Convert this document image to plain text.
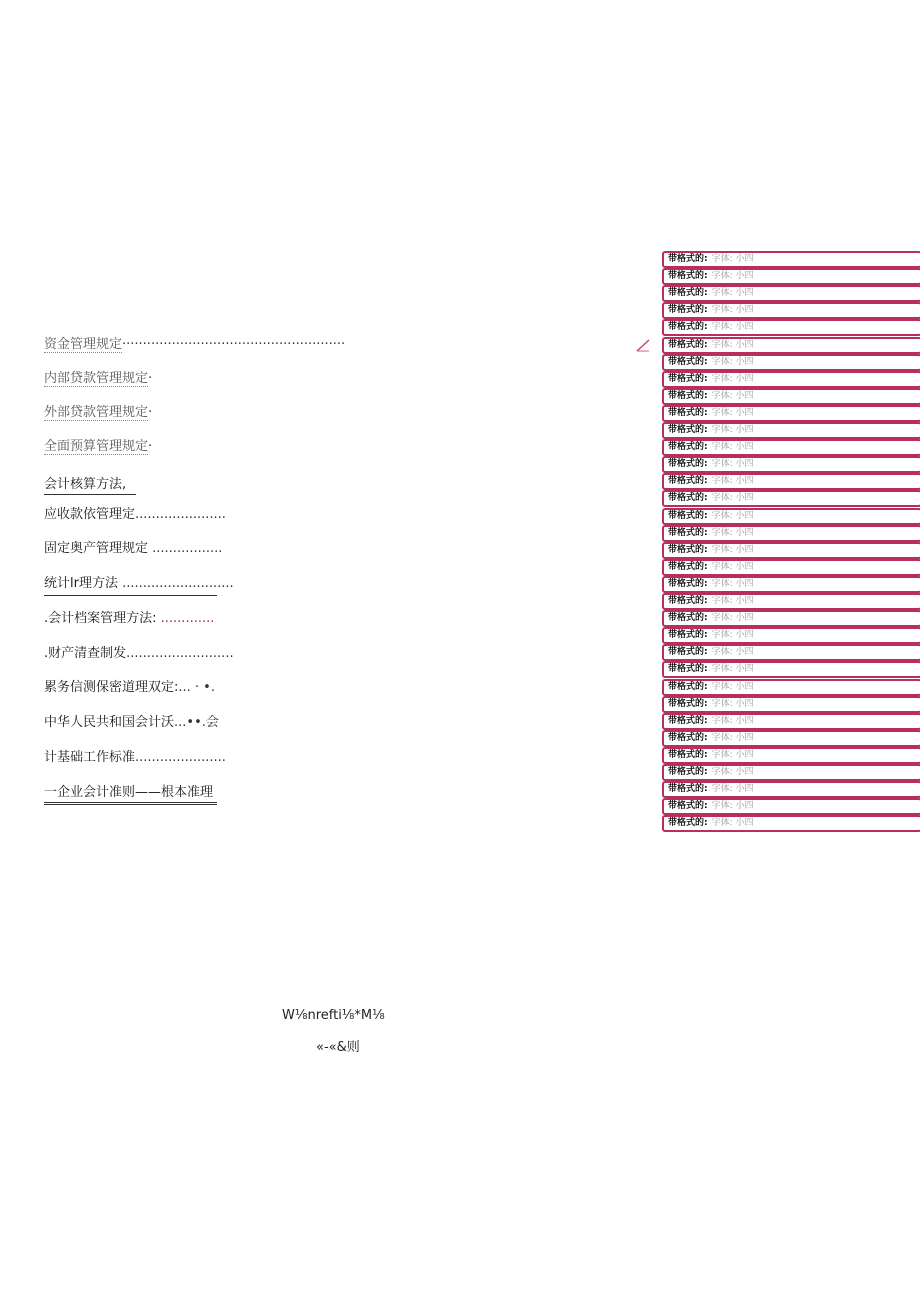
资金管理规定······················································
内部贷款管理规定·
外部贷款管理规定·
全面预算管理规定·
会计核算方法,
应收款依管理定......................
固定奥产管理规定 .................
统计lr理方法 ...........................
.会计档案管理方法: .............
.财产清查制发..........................
累务信测保密道理双定:... · •.
中华人民共和国会计沃...••.会
计基础工作标准......................
一企业会计准则——根本准理
带格式的: 字体: 小四
带格式的: 字体: 小四
带格式的: 字体: 小四
带格式的: 字体: 小四
带格式的: 字体: 小四
带格式的: 字体: 小四
带格式的: 字体: 小四
带格式的: 字体: 小四
带格式的: 字体: 小四
带格式的: 字体: 小四
带格式的: 字体: 小四
带格式的: 字体: 小四
带格式的: 字体: 小四
带格式的: 字体: 小四
带格式的: 字体: 小四
带格式的: 字体: 小四
带格式的: 字体: 小四
带格式的: 字体: 小四
带格式的: 字体: 小四
带格式的: 字体: 小四
带格式的: 字体: 小四
带格式的: 字体: 小四
带格式的: 字体: 小四
带格式的: 字体: 小四
带格式的: 字体: 小四
带格式的: 字体: 小四
带格式的: 字体: 小四
带格式的: 字体: 小四
带格式的: 字体: 小四
带格式的: 字体: 小四
带格式的: 字体: 小四
带格式的: 字体: 小四
带格式的: 字体: 小四
带格式的: 字体: 小四
W⅛nrefti⅛*M⅛
«-«&则
